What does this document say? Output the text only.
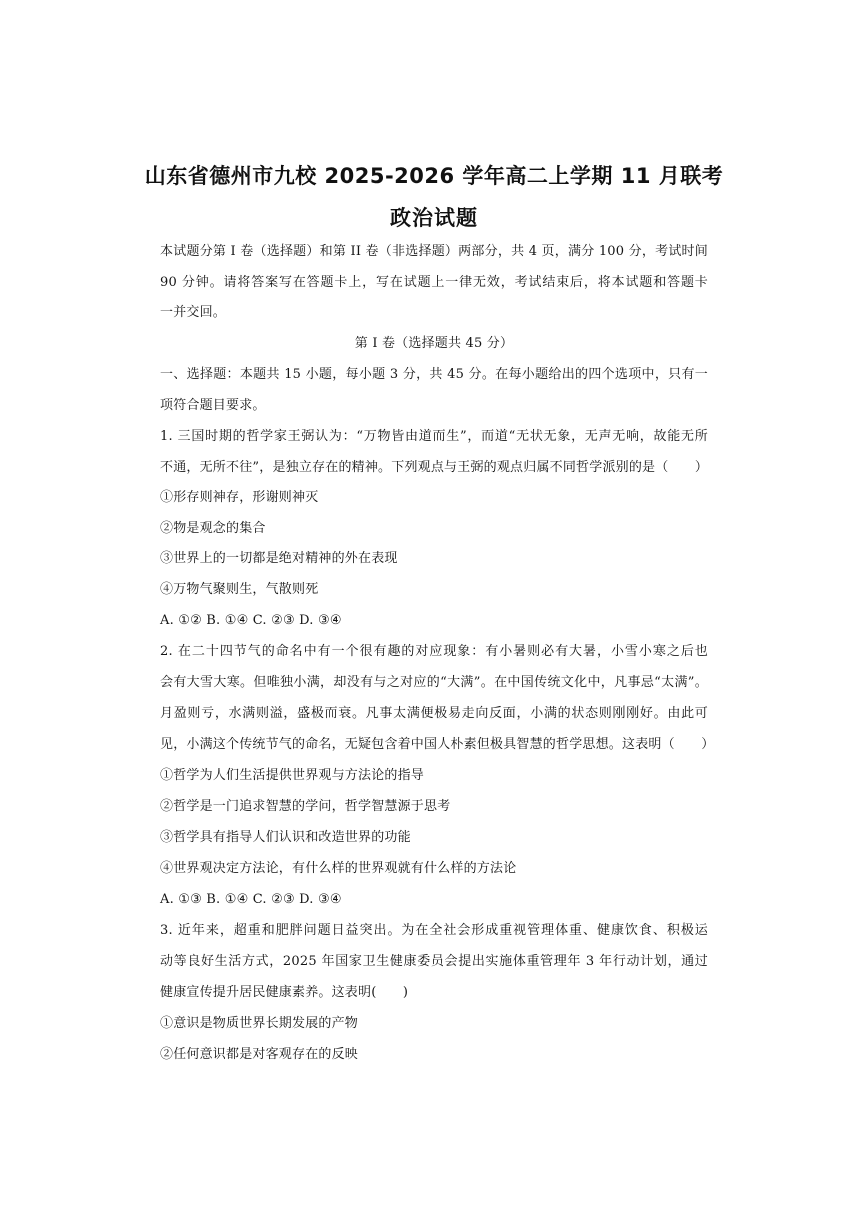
山东省德州市九校 2025-2026 学年高二上学期 11 月联考
政治试题
本试题分第 I 卷（选择题）和第 II 卷（非选择题）两部分，共 4 页，满分 100 分，考试时间
90 分钟。请将答案写在答题卡上，写在试题上一律无效，考试结束后，将本试题和答题卡
一并交回。
第 I 卷（选择题共 45 分）
一、选择题：本题共 15 小题，每小题 3 分，共 45 分。在每小题给出的四个选项中，只有一
项符合题目要求。
1. 三国时期的哲学家王弼认为：“万物皆由道而生”，而道“无状无象，无声无响，故能无所
不通，无所不往”，是独立存在的精神。下列观点与王弼的观点归属不同哲学派别的是（　　）
①形存则神存，形谢则神灭
②物是观念的集合
③世界上的一切都是绝对精神的外在表现
④万物气聚则生，气散则死
A. ①② B. ①④ C. ②③ D. ③④
2. 在二十四节气的命名中有一个很有趣的对应现象：有小暑则必有大暑，小雪小寒之后也
会有大雪大寒。但唯独小满，却没有与之对应的“大满”。在中国传统文化中，凡事忌“太满”。
月盈则亏，水满则溢，盛极而衰。凡事太满便极易走向反面，小满的状态则刚刚好。由此可
见，小满这个传统节气的命名，无疑包含着中国人朴素但极具智慧的哲学思想。这表明（　　）
①哲学为人们生活提供世界观与方法论的指导
②哲学是一门追求智慧的学问，哲学智慧源于思考
③哲学具有指导人们认识和改造世界的功能
④世界观决定方法论，有什么样的世界观就有什么样的方法论
A. ①③ B. ①④ C. ②③ D. ③④
3. 近年来，超重和肥胖问题日益突出。为在全社会形成重视管理体重、健康饮食、积极运
动等良好生活方式，2025 年国家卫生健康委员会提出实施体重管理年 3 年行动计划，通过
健康宣传提升居民健康素养。这表明(　　)
①意识是物质世界长期发展的产物
②任何意识都是对客观存在的反映
